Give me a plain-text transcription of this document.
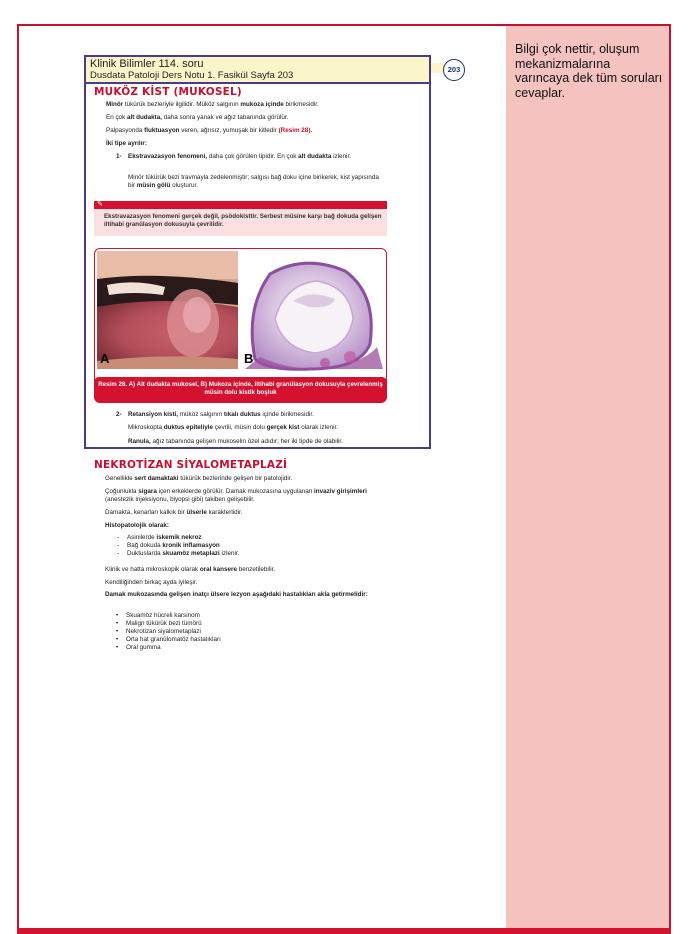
Bilgi çok nettir, oluşum mekanizmalarına varıncaya dek tüm soruları cevaplar.
Klinik Bilimler 114. soru
Dusdata Patoloji Ders Notu 1. Fasikül Sayfa 203
203
MUKÖZ KİST (MUKOSEL)
Minör tükürük bezleriyle ilgilidir. Müköz salgının mukoza içinde birikmesidir.
En çok alt dudakta, daha sonra yanak ve ağız tabanında görülür.
Palpasyonda fluktuasyon veren, ağrısız, yumuşak bir kitledir (Resim 28).
İki tipe ayrılır:
1- Ekstravazasyon fenomeni, daha çok görülen tipidir. En çok alt dudakta izlenir.
Minör tükürük bezi travmayla zedelenmiştir; salgısı bağ doku içine birikerek, kist yapısında bir müsin gölü oluşturur.
✎
Ekstravazasyon fenomeni gerçek değil, psödokisttir. Serbest müsine karşı bağ dokuda gelişen iltihabi granülasyon dokusuyla çevrilidir.
A	B
Resim 28. A) Alt dudakta mukosel, B) Mukoza içinde, iltihabi granülasyon dokusuyla çevrelenmiş müsin dolu kistik boşluk
2- Retansiyon kisti, müköz salgının tıkalı duktus içinde birikmesidir.
Mikroskopta duktus epiteliyle çevrili, müsin dolu gerçek kist olarak izlenir.
Ranula, ağız tabanında gelişen mukoselin özel adıdır; her iki tipde de olabilir.
NEKROTİZAN SİYALOMETAPLAZİ
Genellikle sert damaktaki tükürük bezlerinde gelişen bir patolojidir.
Çoğunlukla sigara içen erkeklerde görülür. Damak mukozasına uygulanan invaziv girişimleri (anestezik injeksiyonu, biyopsi gibi) takiben gelişebilir.
Damakta, kenarları kalkık bir ülserle karakterlidir.
Histopatolojik olarak:
- Asinilerde iskemik nekroz
- Bağ dokuda kronik inflamasyon
- Duktuslarda skuamöz metaplazi izlenir.
Klinik ve hatta mikroskopik olarak oral kansere benzetilebilir.
Kendiliğinden birkaç ayda iyileşir.
Damak mukozasında gelişen inatçı ülsere lezyon aşağıdaki hastalıkları akla getirmelidir:
• Skuamöz hücreli karsinom
• Malign tükürük bezi tümörü
• Nekrotizan siyalometaplazi
• Orta hat granülomatöz hastalıkları
• Oral gumma
